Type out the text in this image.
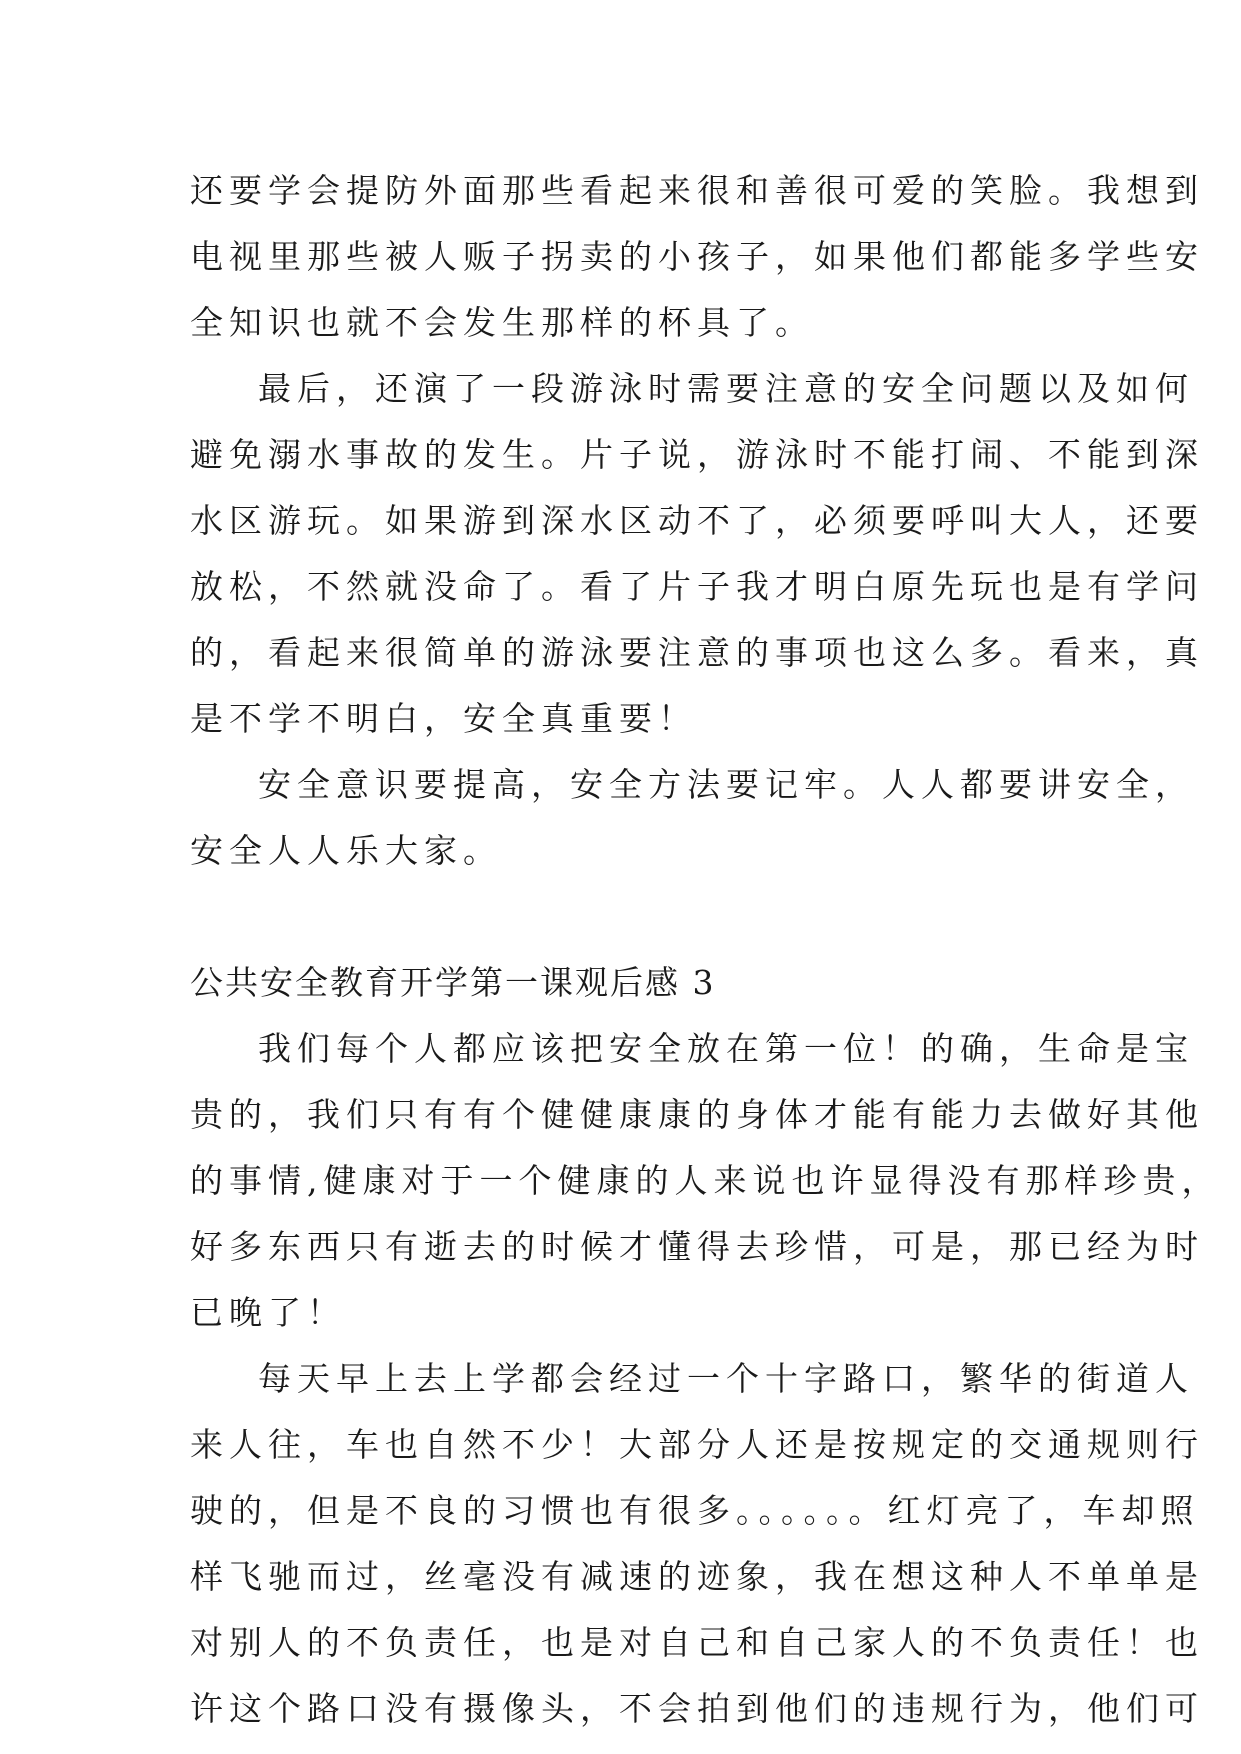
还要学会提防外面那些看起来很和善很可爱的笑脸。我想到
电视里那些被人贩子拐卖的小孩子，如果他们都能多学些安
全知识也就不会发生那样的杯具了。
最后，还演了一段游泳时需要注意的安全问题以及如何
避免溺水事故的发生。片子说，游泳时不能打闹、不能到深
水区游玩。如果游到深水区动不了，必须要呼叫大人，还要
放松，不然就没命了。看了片子我才明白原先玩也是有学问
的，看起来很简单的游泳要注意的事项也这么多。看来，真
是不学不明白，安全真重要！
安全意识要提高，安全方法要记牢。人人都要讲安全，
安全人人乐大家。
公共安全教育开学第一课观后感 3
我们每个人都应该把安全放在第一位！的确，生命是宝
贵的，我们只有有个健健康康的身体才能有能力去做好其他
的事情,健康对于一个健康的人来说也许显得没有那样珍贵，
好多东西只有逝去的时候才懂得去珍惜，可是，那已经为时
已晚了！
每天早上去上学都会经过一个十字路口，繁华的街道人
来人往，车也自然不少！大部分人还是按规定的交通规则行
驶的，但是不良的习惯也有很多。。。。。。红灯亮了，车却照
样飞驰而过，丝毫没有减速的迹象，我在想这种人不单单是
对别人的不负责任，也是对自己和自己家人的不负责任！也
许这个路口没有摄像头，不会拍到他们的违规行为，他们可
